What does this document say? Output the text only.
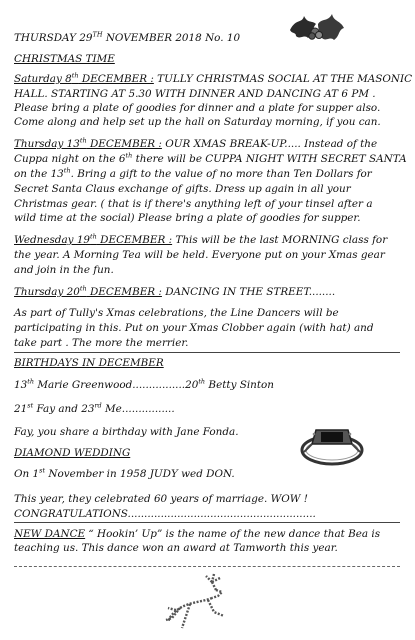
THURSDAY 29TH NOVEMBER 2018 No. 10
CHRISTMAS TIME
Saturday 8th DECEMBER : TULLY CHRISTMAS SOCIAL AT THE MASONIC
HALL. STARTING AT 5.30 WITH DINNER AND DANCING AT 6 PM .
Please bring a plate of goodies for dinner and a plate for supper also.
Come along and help set up the hall on Saturday morning, if you can.
Thursday 13th DECEMBER : OUR XMAS BREAK-UP..... Instead of the
Cuppa night on the 6th there will be CUPPA NIGHT WITH SECRET SANTA
on the 13th. Bring a gift to the value of no more than Ten Dollars for
Secret Santa Claus exchange of gifts. Dress up again in all your
Christmas gear. ( that is if there's anything left of your tinsel after a
wild time at the social) Please bring a plate of goodies for supper.
Wednesday 19th DECEMBER : This will be the last MORNING class for
the year. A Morning Tea will be held. Everyone put on your Xmas gear
and join in the fun.
Thursday 20th DECEMBER : DANCING IN THE STREET........
As part of Tully's Xmas celebrations, the Line Dancers will be
participating in this. Put on your Xmas Clobber again (with hat) and
take part . The more the merrier.
BIRTHDAYS IN DECEMBER
13th Marie Greenwood................20th Betty Sinton
21st Fay and 23rd Me................
Fay, you share a birthday with Jane Fonda.
DIAMOND WEDDING
On 1st November in 1958 JUDY wed DON.
This year, they celebrated 60 years of marriage. WOW !
CONGRATULATIONS.........................................................
NEW DANCE “ Hookin’ Up” is the name of the new dance that Bea is
teaching us. This dance won an award at Tamworth this year.
